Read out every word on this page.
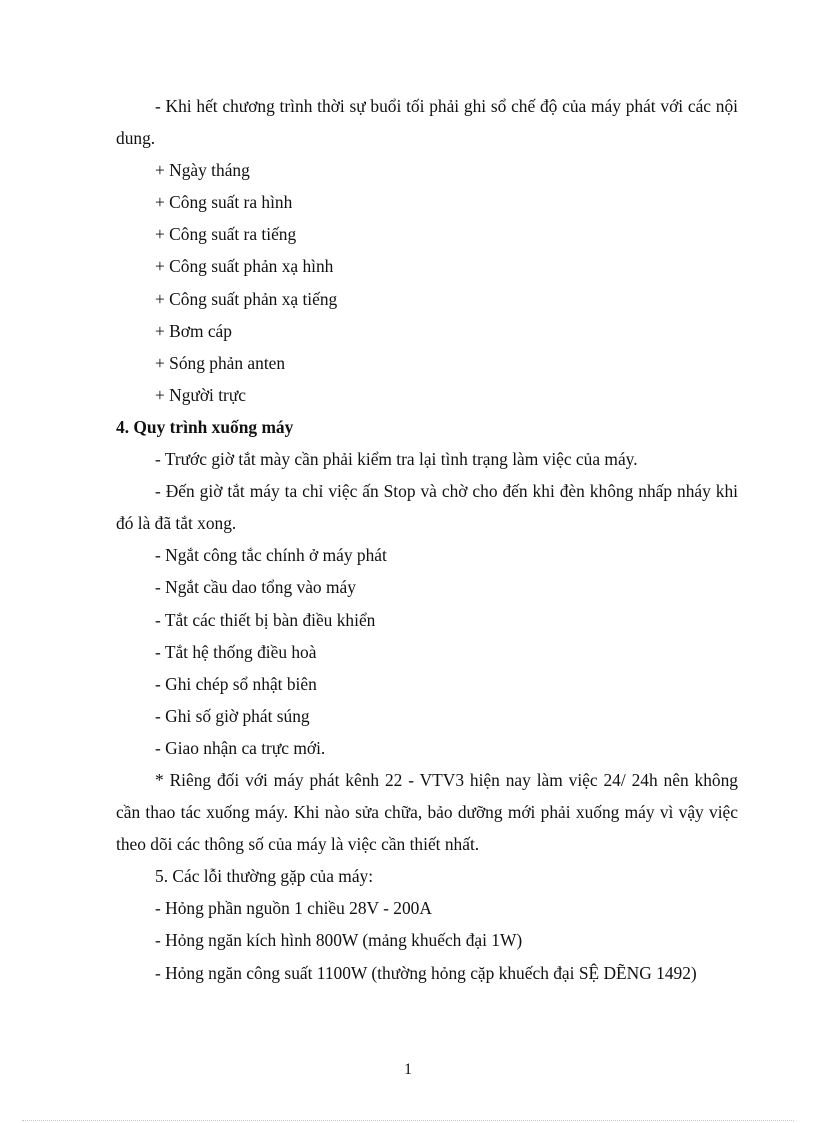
- Khi hết chương trình thời sự buổi tối phải ghi sổ chế độ của máy phát với các nội dung.

+ Ngày tháng

+ Công suất ra hình

+ Công suất ra tiếng

+ Công suất phản xạ hình

+ Công suất phản xạ tiếng

+ Bơm cáp

+ Sóng phản anten

+ Người trực

4. Quy trình xuống máy

- Trước giờ tắt mày cần phải kiểm tra lại tình trạng làm việc của máy.

- Đến giờ tắt máy ta chỉ việc ấn Stop và chờ cho đến khi đèn không nhấp nháy khi đó là đã tắt xong.

- Ngắt công tắc chính ở máy phát

- Ngắt cầu dao tổng vào máy

- Tắt các thiết bị bàn điều khiển

- Tắt hệ thống điều hoà

- Ghi chép sổ nhật biên

- Ghi số giờ phát súng

- Giao nhận ca trực mới.

* Riêng đối với máy phát kênh 22 - VTV3 hiện nay làm việc 24/ 24h nên không cần thao tác xuống máy. Khi nào sửa chữa, bảo dưỡng mới phải xuống máy vì vậy việc theo dõi các thông số của máy là việc cần thiết nhất.

5. Các lỗi thường gặp của máy:

- Hỏng phần nguồn 1 chiều 28V - 200A

- Hỏng ngăn kích hình 800W (mảng khuếch đại 1W)

- Hỏng ngăn công suất 1100W (thường hỏng cặp khuếch đại SỆ DẼNG 1492)

1
